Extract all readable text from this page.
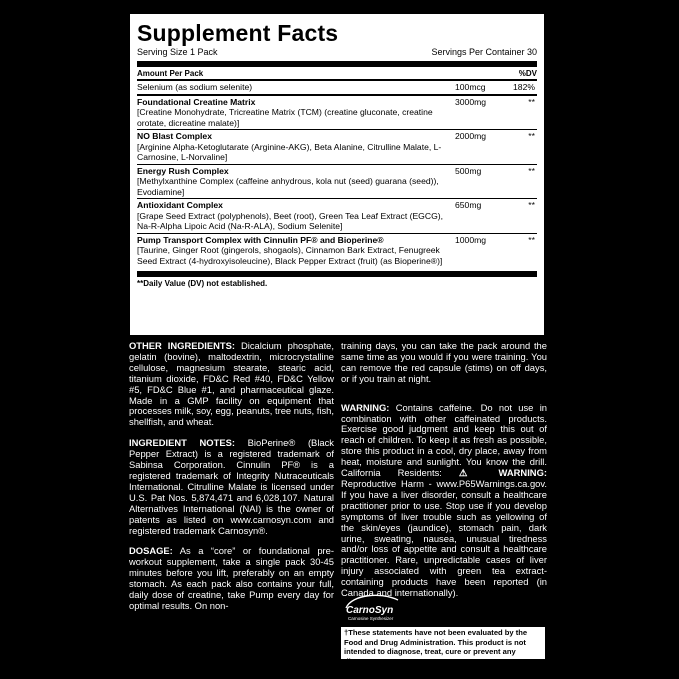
Supplement Facts
Serving Size 1 Pack	Servings Per Container 30
Amount Per Pack	%DV
Selenium (as sodium selenite)	100mcg	182%
Foundational Creatine Matrix
[Creatine Monohydrate, Tricreatine Matrix (TCM) (creatine gluconate, creatine orotate, dicreatine malate)]
3000mg	**
NO Blast Complex
[Arginine Alpha-Ketoglutarate (Arginine-AKG), Beta Alanine, Citrulline Malate, L-Carnosine, L-Norvaline]
2000mg	**
Energy Rush Complex
[Methylxanthine Complex (caffeine anhydrous, kola nut (seed) guarana (seed)), Evodiamine]
500mg	**
Antioxidant Complex
[Grape Seed Extract (polyphenols), Beet (root), Green Tea Leaf Extract (EGCG), Na-R-Alpha Lipoic Acid (Na-R-ALA), Sodium Selenite]
650mg	**
Pump Transport Complex with Cinnulin PF® and Bioperine®
[Taurine, Ginger Root (gingerols, shogaols), Cinnamon Bark Extract, Fenugreek Seed Extract (4-hydroxyisoleucine), Black Pepper Extract (fruit) (as Bioperine®)]
1000mg	**
**Daily Value (DV) not established.

OTHER INGREDIENTS: Dicalcium phosphate, gelatin (bovine), maltodextrin, microcrystalline cellulose, magnesium stearate, stearic acid, titanium dioxide, FD&C Red #40, FD&C Yellow #5, FD&C Blue #1, and pharmaceutical glaze. Made in a GMP facility on equipment that processes milk, soy, egg, peanuts, tree nuts, fish, shellfish, and wheat.

INGREDIENT NOTES: BioPerine® (Black Pepper Extract) is a registered trademark of Sabinsa Corporation. Cinnulin PF® is a registered trademark of Integrity Nutraceuticals International. Citrulline Malate is licensed under U.S. Pat Nos. 5,874,471 and 6,028,107. Natural Alternatives International (NAI) is the owner of patents as listed on www.carnosyn.com and registered trademark Carnosyn®.

DOSAGE: As a “core” or foundational pre-workout supplement, take a single pack 30-45 minutes before you lift, preferably on an empty stomach. As each pack also contains your full, daily dose of creatine, take Pump every day for optimal results. On non-

training days, you can take the pack around the same time as you would if you were training. You can remove the red capsule (stims) on off days, or if you train at night.

WARNING: Contains caffeine. Do not use in combination with other caffeinated products. Exercise good judgment and keep this out of reach of children. To keep it as fresh as possible, store this product in a cool, dry place, away from heat, moisture and sunlight. You know the drill. California Residents: ⚠ WARNING: Reproductive Harm - www.P65Warnings.ca.gov. If you have a liver disorder, consult a healthcare practitioner prior to use. Stop use if you develop symptoms of liver trouble such as yellowing of the skin/eyes (jaundice), stomach pain, dark urine, sweating, nausea, unusual tiredness and/or loss of appetite and consult a healthcare practitioner. Rare, unpredictable cases of liver injury associated with green tea extract-containing products have been reported (in Canada and internationally).

CarnoSyn
Carnosine Synthesizer
†These statements have not been evaluated by the Food and Drug Administration. This product is not intended to diagnose, treat, cure or prevent any disease.
